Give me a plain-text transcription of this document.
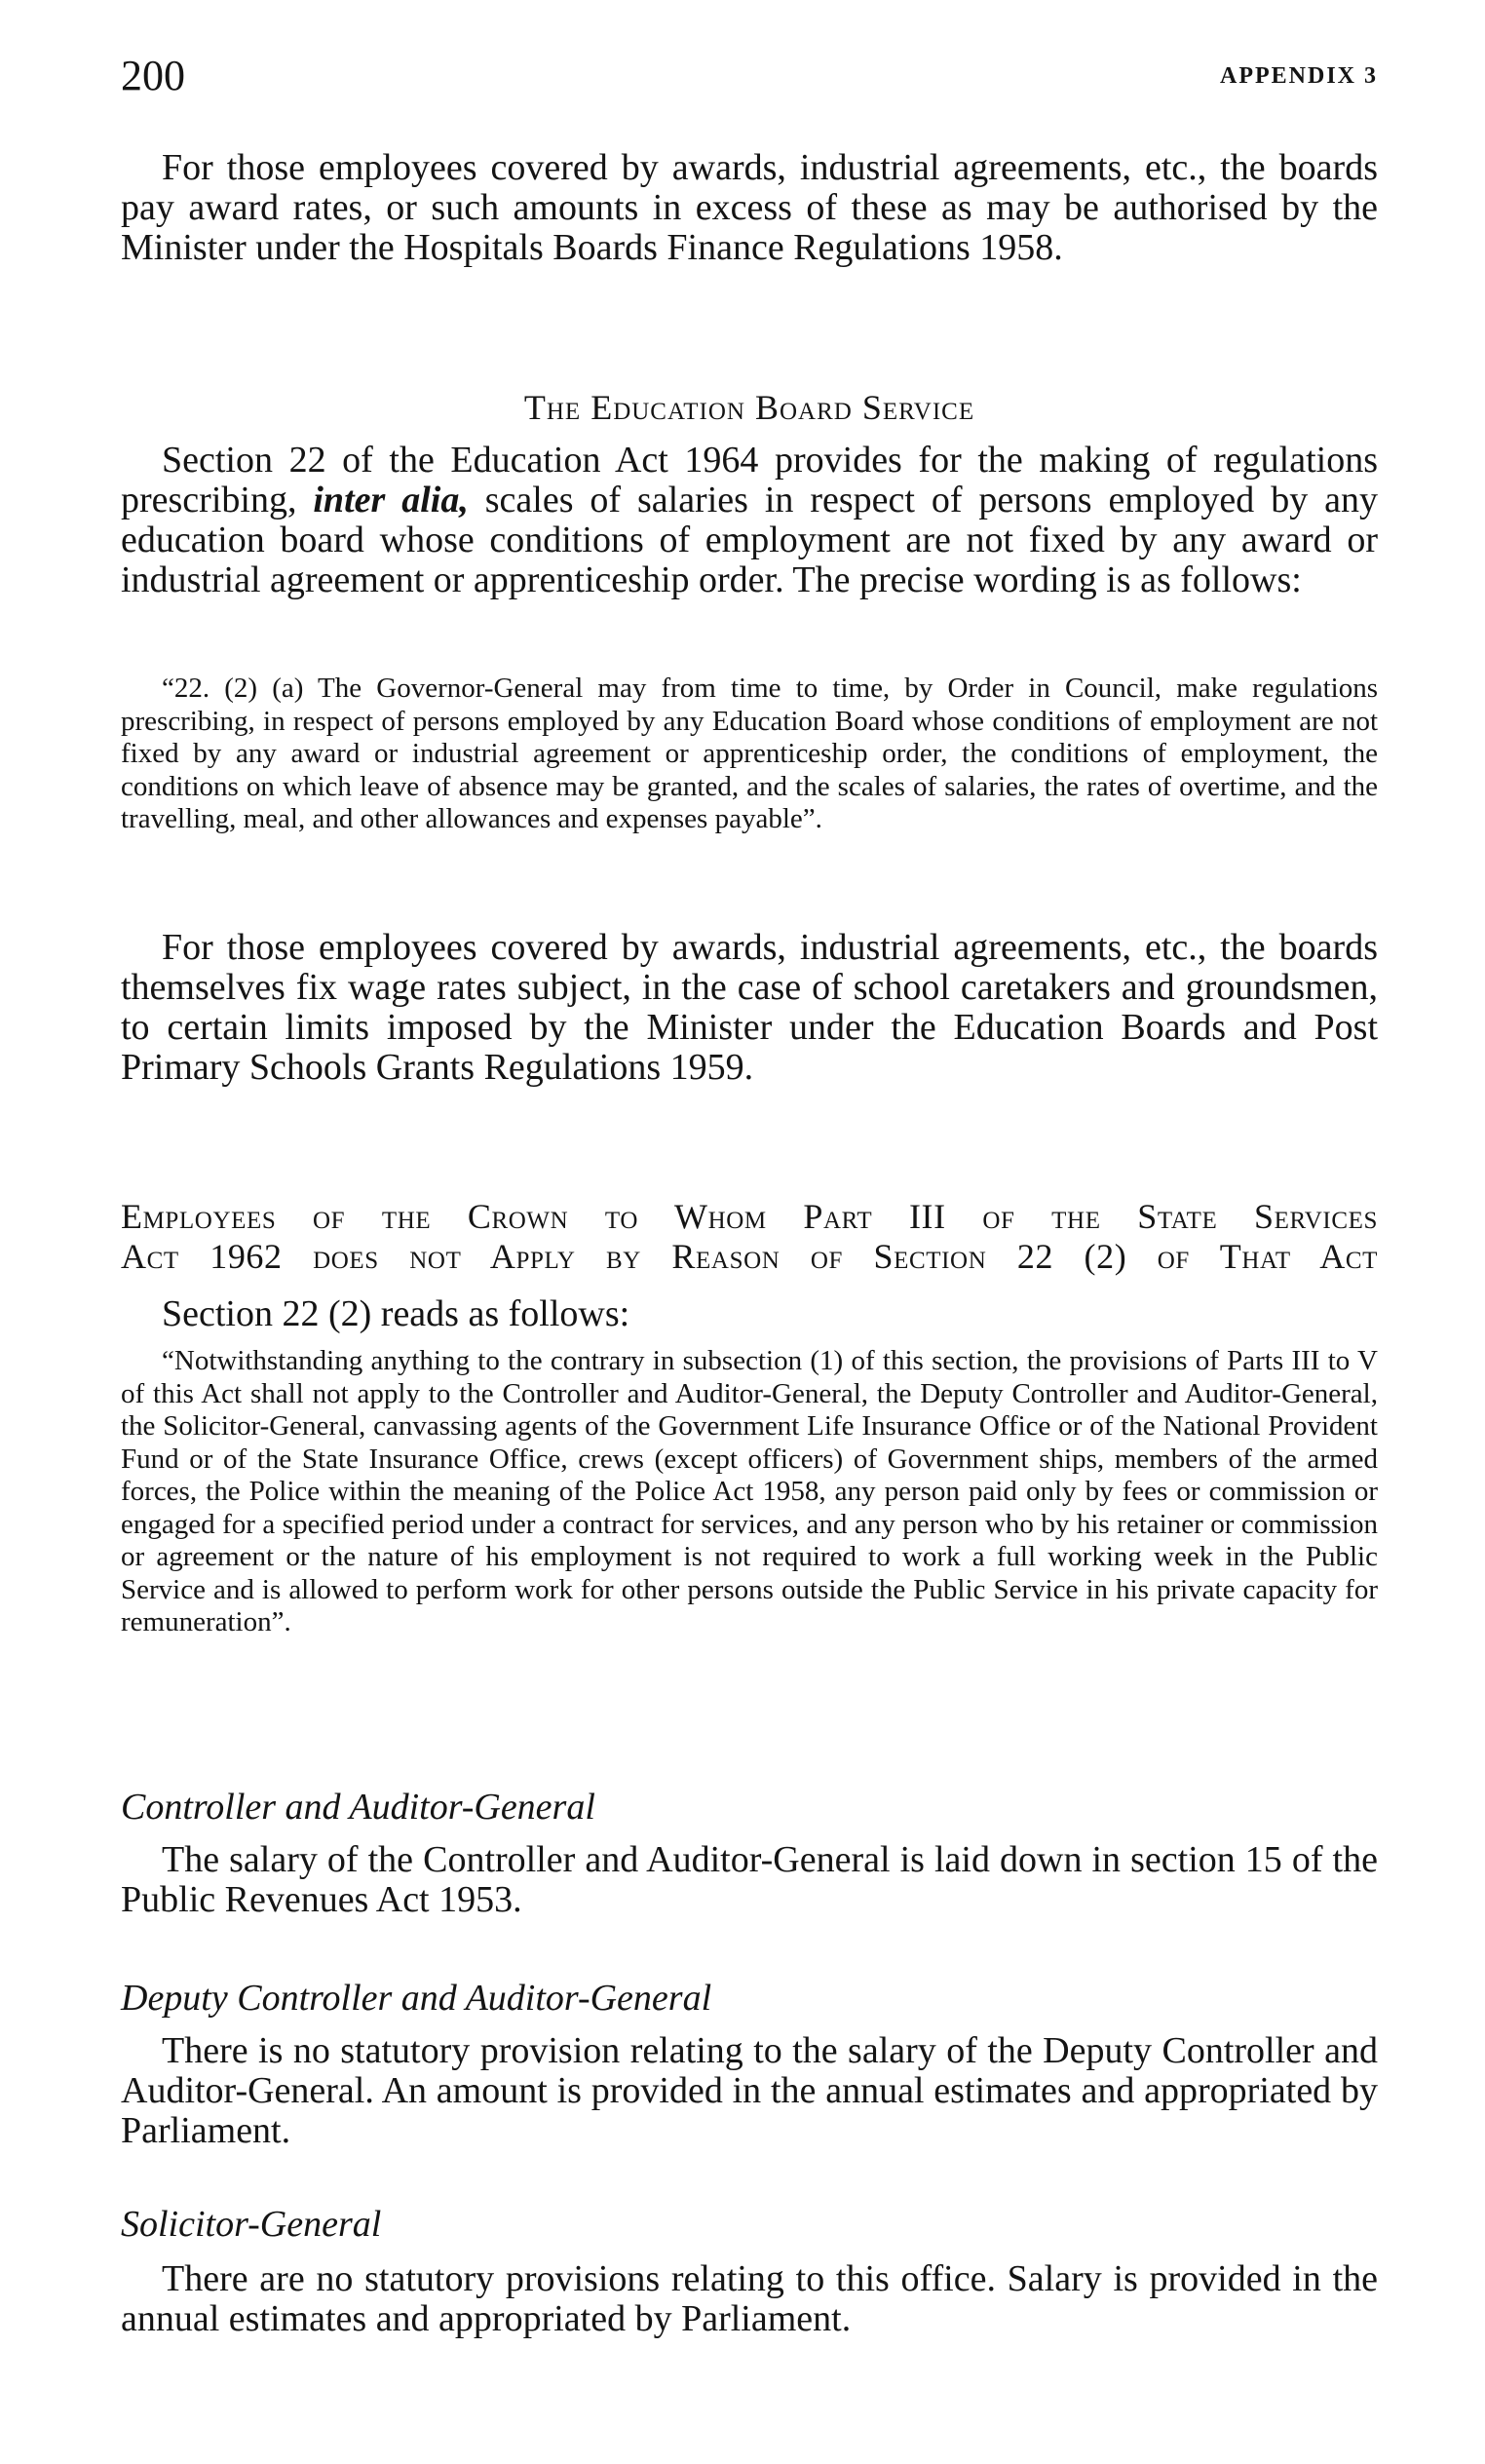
200	APPENDIX 3

For those employees covered by awards, industrial agreements, etc., the boards pay award rates, or such amounts in excess of these as may be authorised by the Minister under the Hospitals Boards Finance Regulations 1958.

The Education Board Service

Section 22 of the Education Act 1964 provides for the making of regulations prescribing, inter alia, scales of salaries in respect of persons employed by any education board whose conditions of employment are not fixed by any award or industrial agreement or apprenticeship order. The precise wording is as follows:

“22. (2) (a) The Governor-General may from time to time, by Order in Council, make regulations prescribing, in respect of persons employed by any Education Board whose conditions of employment are not fixed by any award or industrial agreement or apprenticeship order, the conditions of employment, the conditions on which leave of absence may be granted, and the scales of salaries, the rates of overtime, and the travelling, meal, and other allowances and expenses payable”.

For those employees covered by awards, industrial agreements, etc., the boards themselves fix wage rates subject, in the case of school caretakers and groundsmen, to certain limits imposed by the Minister under the Education Boards and Post Primary Schools Grants Regulations 1959.

Employees of the Crown to Whom Part III of the State Services
Act 1962 does not Apply by Reason of Section 22 (2) of That Act

Section 22 (2) reads as follows:

“Notwithstanding anything to the contrary in subsection (1) of this section, the provisions of Parts III to V of this Act shall not apply to the Controller and Auditor-General, the Deputy Controller and Auditor-General, the Solicitor-General, canvassing agents of the Government Life Insurance Office or of the National Provident Fund or of the State Insurance Office, crews (except officers) of Government ships, members of the armed forces, the Police within the meaning of the Police Act 1958, any person paid only by fees or commission or engaged for a specified period under a contract for services, and any person who by his retainer or commission or agreement or the nature of his employment is not required to work a full working week in the Public Service and is allowed to perform work for other persons outside the Public Service in his private capacity for remuneration”.

Controller and Auditor-General

The salary of the Controller and Auditor-General is laid down in section 15 of the Public Revenues Act 1953.

Deputy Controller and Auditor-General

There is no statutory provision relating to the salary of the Deputy Controller and Auditor-General. An amount is provided in the annual estimates and appropriated by Parliament.

Solicitor-General

There are no statutory provisions relating to this office. Salary is provided in the annual estimates and appropriated by Parliament.
